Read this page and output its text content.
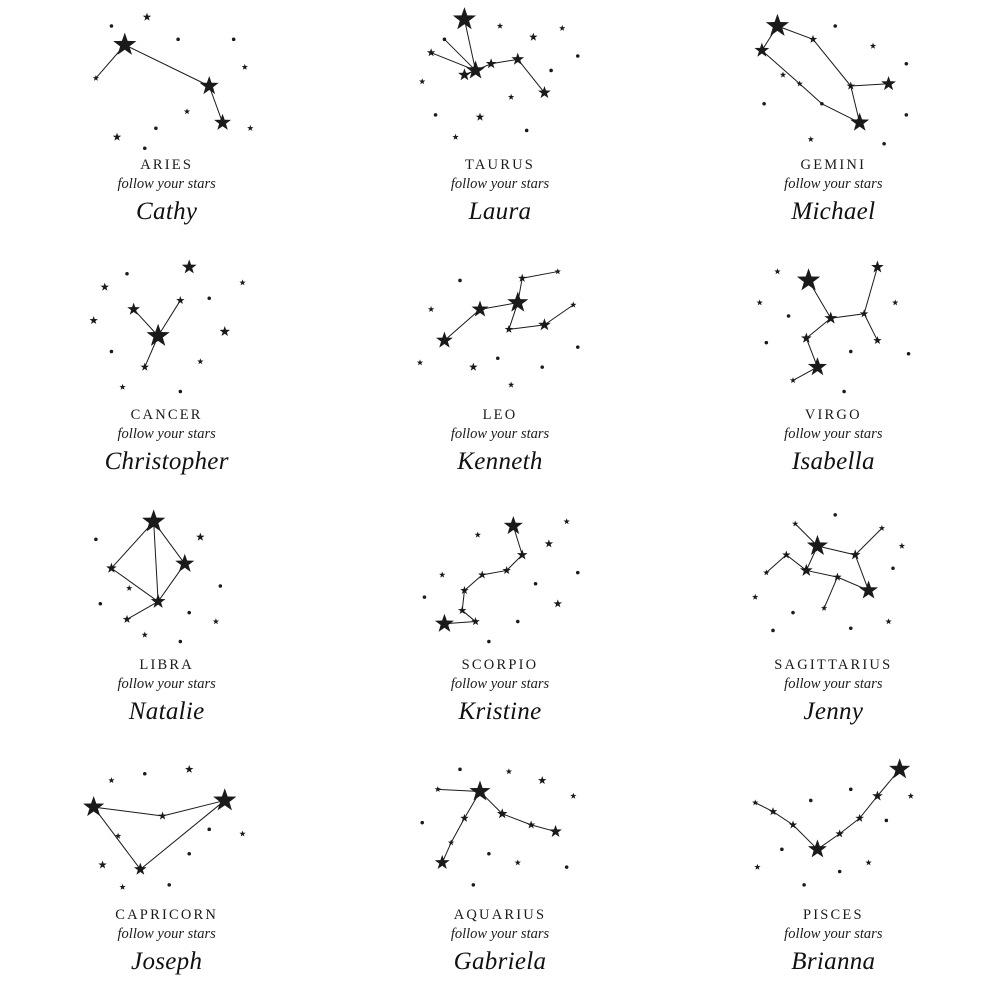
ARIES
follow your stars
Cathy
TAURUS
follow your stars
Laura
GEMINI
follow your stars
Michael
CANCER
follow your stars
Christopher
LEO
follow your stars
Kenneth
VIRGO
follow your stars
Isabella
LIBRA
follow your stars
Natalie
SCORPIO
follow your stars
Kristine
SAGITTARIUS
follow your stars
Jenny
CAPRICORN
follow your stars
Joseph
AQUARIUS
follow your stars
Gabriela
PISCES
follow your stars
Brianna
